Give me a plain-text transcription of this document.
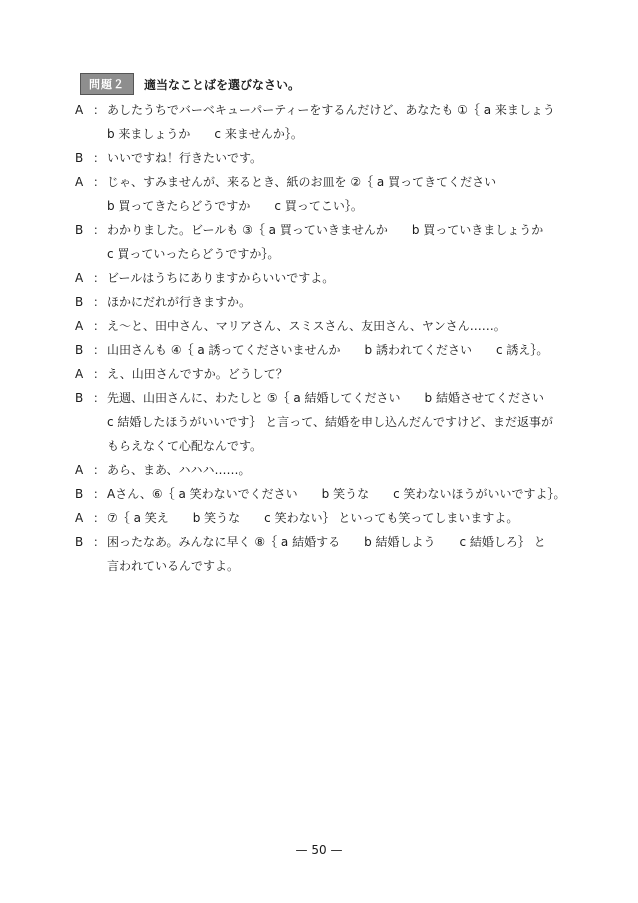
問題２	適当なことばを選びなさい。
A ： あしたうちでバーベキューパーティーをするんだけど、あなたも ①｛ a 来ましょう
b 来ましょうか　　c 来ませんか｝。
B ： いいですね！行きたいです。
A ： じゃ、すみませんが、来るとき、紙のお皿を ②｛ a 買ってきてください
b 買ってきたらどうですか　　c 買ってこい｝。
B ： わかりました。ビールも ③｛ a 買っていきませんか　　b 買っていきましょうか
c 買っていったらどうですか｝。
A ： ビールはうちにありますからいいですよ。
B ： ほかにだれが行きますか。
A ： え～と、田中さん、マリアさん、スミスさん、友田さん、ヤンさん……。
B ： 山田さんも ④｛ a 誘ってくださいませんか　　b 誘われてください　　c 誘え｝。
A ： え、山田さんですか。どうして？
B ： 先週、山田さんに、わたしと ⑤｛ a 結婚してください　　b 結婚させてください
c 結婚したほうがいいです｝ と言って、結婚を申し込んだんですけど、まだ返事が
もらえなくて心配なんです。
A ： あら、まあ、ハハハ……。
B ： Aさん、⑥｛ a 笑わないでください　　b 笑うな　　c 笑わないほうがいいですよ｝。
A ： ⑦｛ a 笑え　　b 笑うな　　c 笑わない｝ といっても笑ってしまいますよ。
B ： 困ったなあ。みんなに早く ⑧｛ a 結婚する　　b 結婚しよう　　c 結婚しろ｝ と
言われているんですよ。
— 50 —
